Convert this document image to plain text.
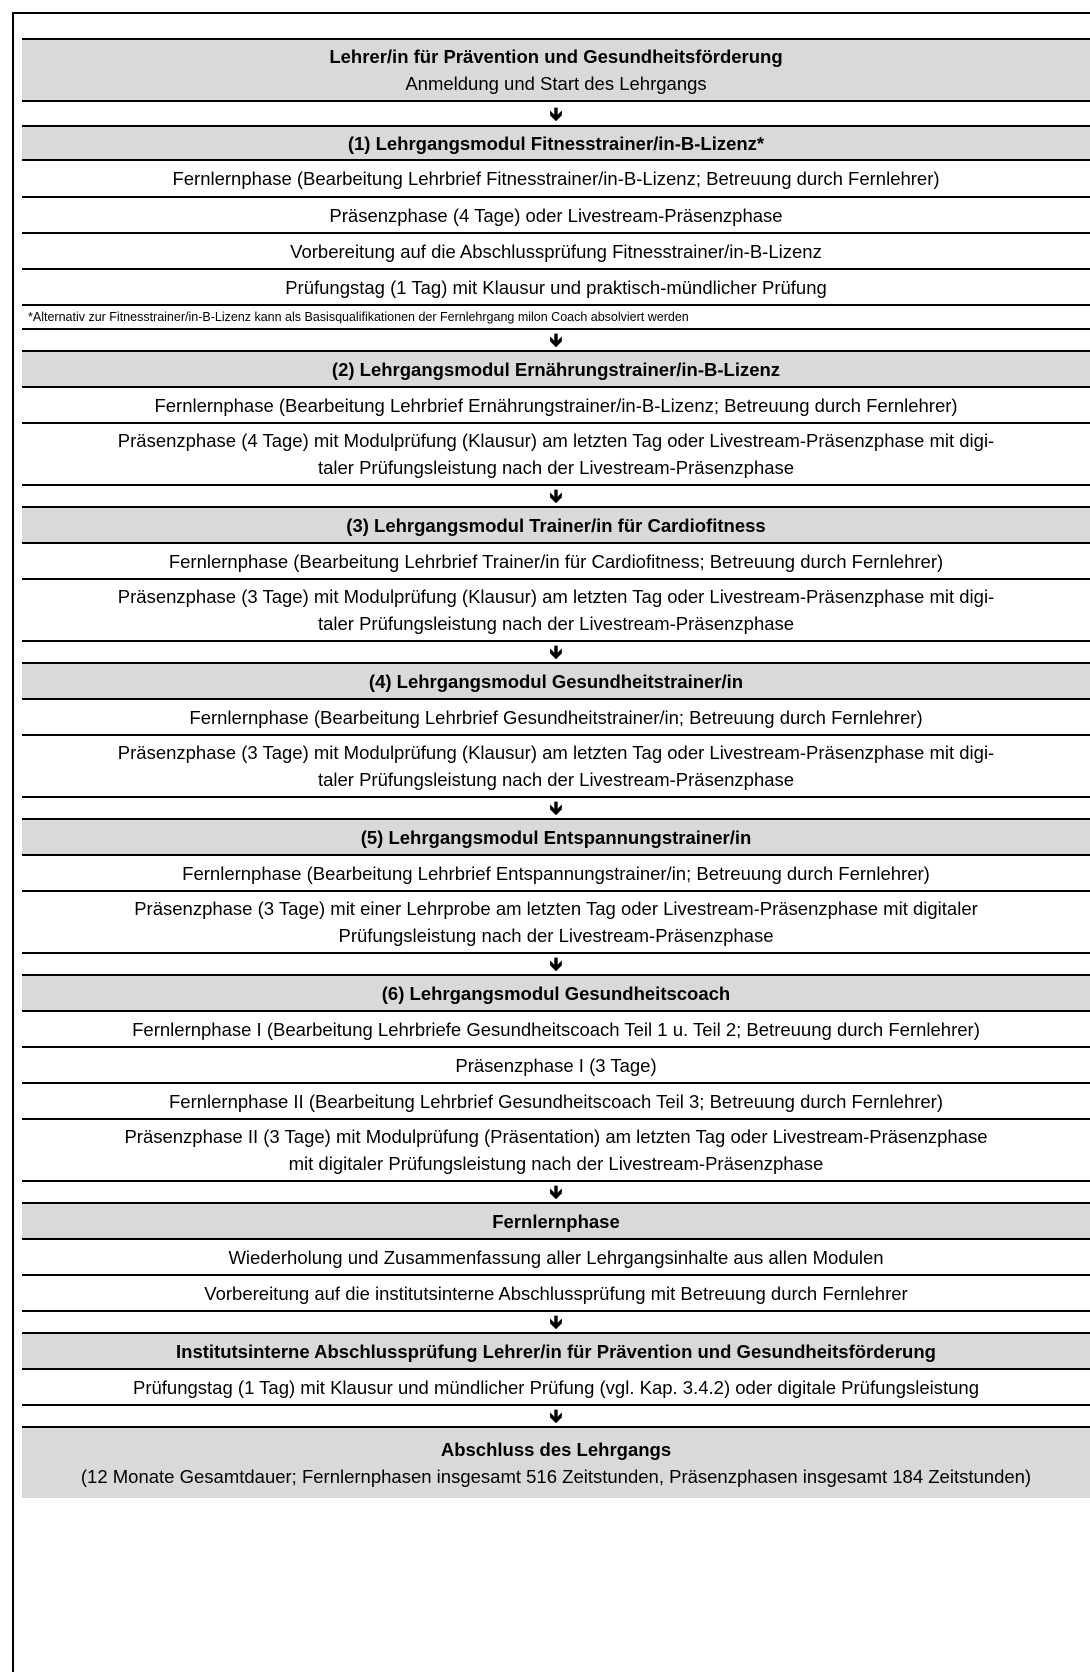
Lehrer/in für Prävention und Gesundheitsförderung
Anmeldung und Start des Lehrgangs
🡻
(1) Lehrgangsmodul Fitnesstrainer/in-B-Lizenz*
Fernlernphase (Bearbeitung Lehrbrief Fitnesstrainer/in-B-Lizenz; Betreuung durch Fernlehrer)
Präsenzphase (4 Tage) oder Livestream-Präsenzphase
Vorbereitung auf die Abschlussprüfung Fitnesstrainer/in-B-Lizenz
Prüfungstag (1 Tag) mit Klausur und praktisch-mündlicher Prüfung
*Alternativ zur Fitnesstrainer/in-B-Lizenz kann als Basisqualifikationen der Fernlehrgang milon Coach absolviert werden
🡻
(2) Lehrgangsmodul Ernährungstrainer/in-B-Lizenz
Fernlernphase (Bearbeitung Lehrbrief Ernährungstrainer/in-B-Lizenz; Betreuung durch Fernlehrer)
Präsenzphase (4 Tage) mit Modulprüfung (Klausur) am letzten Tag oder Livestream-Präsenzphase mit digi-
taler Prüfungsleistung nach der Livestream-Präsenzphase
🡻
(3) Lehrgangsmodul Trainer/in für Cardiofitness
Fernlernphase (Bearbeitung Lehrbrief Trainer/in für Cardiofitness; Betreuung durch Fernlehrer)
Präsenzphase (3 Tage) mit Modulprüfung (Klausur) am letzten Tag oder Livestream-Präsenzphase mit digi-
taler Prüfungsleistung nach der Livestream-Präsenzphase
🡻
(4) Lehrgangsmodul Gesundheitstrainer/in
Fernlernphase (Bearbeitung Lehrbrief Gesundheitstrainer/in; Betreuung durch Fernlehrer)
Präsenzphase (3 Tage) mit Modulprüfung (Klausur) am letzten Tag oder Livestream-Präsenzphase mit digi-
taler Prüfungsleistung nach der Livestream-Präsenzphase
🡻
(5) Lehrgangsmodul Entspannungstrainer/in
Fernlernphase (Bearbeitung Lehrbrief Entspannungstrainer/in; Betreuung durch Fernlehrer)
Präsenzphase (3 Tage) mit einer Lehrprobe am letzten Tag oder Livestream-Präsenzphase mit digitaler
Prüfungsleistung nach der Livestream-Präsenzphase
🡻
(6) Lehrgangsmodul Gesundheitscoach
Fernlernphase I (Bearbeitung Lehrbriefe Gesundheitscoach Teil 1 u. Teil 2; Betreuung durch Fernlehrer)
Präsenzphase I (3 Tage)
Fernlernphase II (Bearbeitung Lehrbrief Gesundheitscoach Teil 3; Betreuung durch Fernlehrer)
Präsenzphase II (3 Tage) mit Modulprüfung (Präsentation) am letzten Tag oder Livestream-Präsenzphase
mit digitaler Prüfungsleistung nach der Livestream-Präsenzphase
🡻
Fernlernphase
Wiederholung und Zusammenfassung aller Lehrgangsinhalte aus allen Modulen
Vorbereitung auf die institutsinterne Abschlussprüfung mit Betreuung durch Fernlehrer
🡻
Institutsinterne Abschlussprüfung Lehrer/in für Prävention und Gesundheitsförderung
Prüfungstag (1 Tag) mit Klausur und mündlicher Prüfung (vgl. Kap. 3.4.2) oder digitale Prüfungsleistung
🡻
Abschluss des Lehrgangs
(12 Monate Gesamtdauer; Fernlernphasen insgesamt 516 Zeitstunden, Präsenzphasen insgesamt 184 Zeitstunden)
